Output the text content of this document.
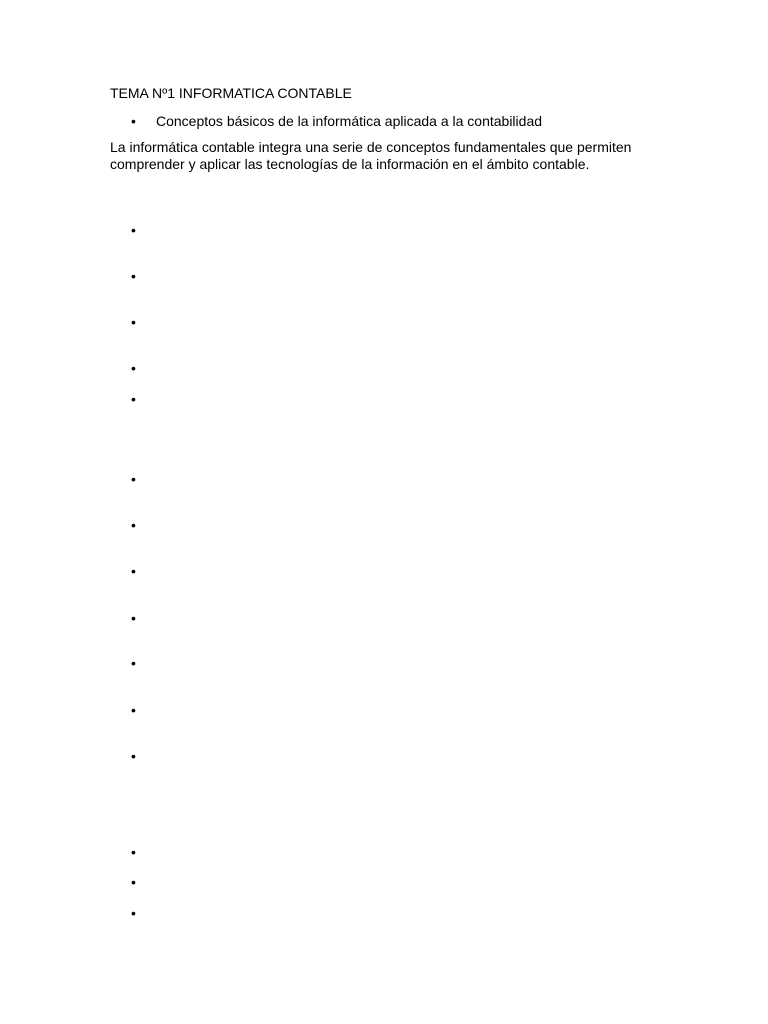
TEMA Nº1 INFORMATICA CONTABLE
•	Conceptos básicos de la informática aplicada a la contabilidad
La informática contable integra una serie de conceptos fundamentales que permiten
comprender y aplicar las tecnologías de la información en el ámbito contable.
•
•
•
•
•
•
•
•
•
•
•
•
•
•
•
